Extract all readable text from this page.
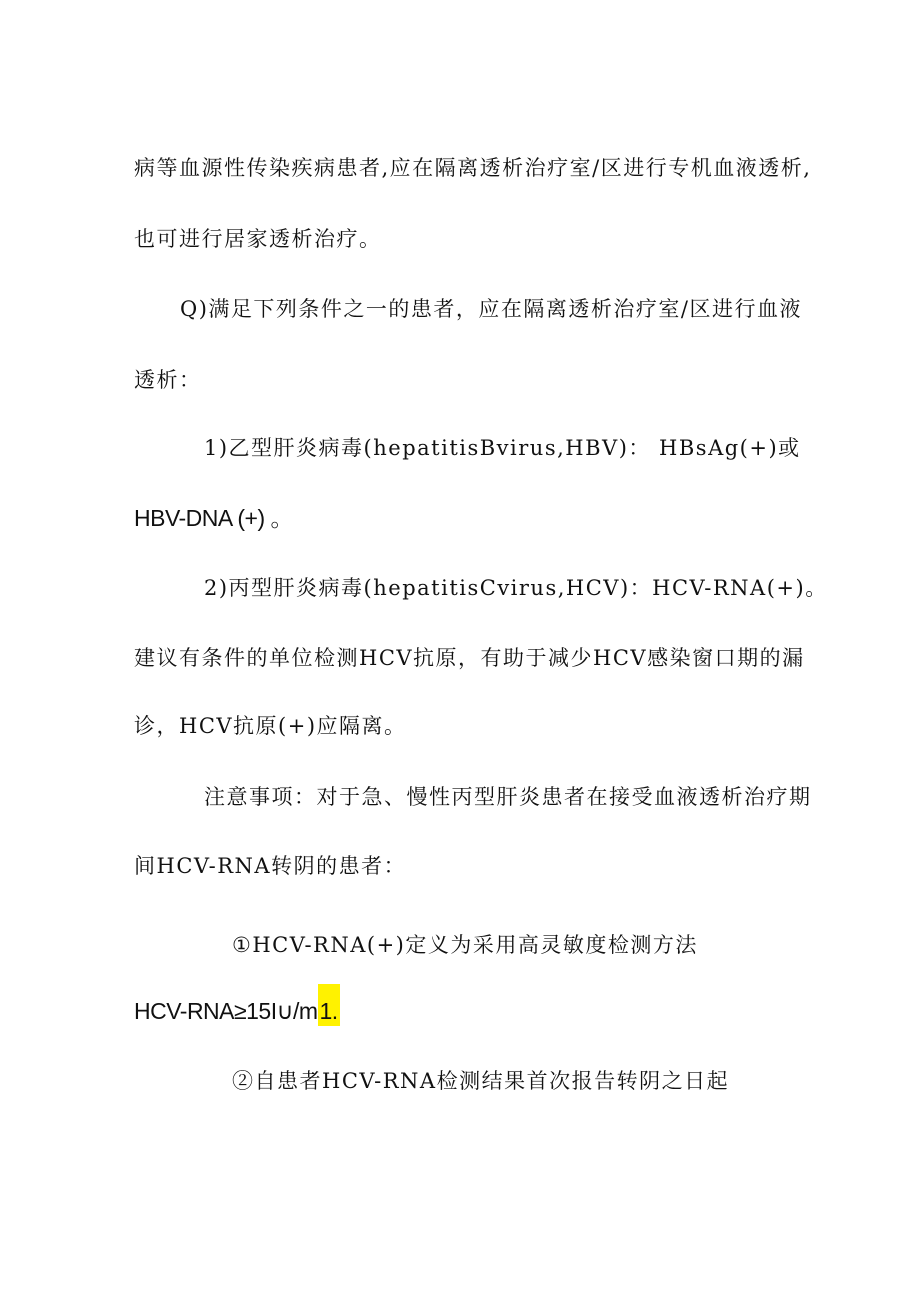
病等血源性传染疾病患者,应在隔离透析治疗室/区进行专机血液透析,
也可进行居家透析治疗。
Q)满足下列条件之一的患者，应在隔离透析治疗室/区进行血液
透析：
1)乙型肝炎病毒(hepatitisBvirus,HBV)： HBsAg(+)或
HBV-DNA (+) 。
2)丙型肝炎病毒(hepatitisCvirus,HCV)：HCV-RNA(+)。
建议有条件的单位检测HCV抗原，有助于减少HCV感染窗口期的漏
诊，HCV抗原(+)应隔离。
注意事项：对于急、慢性丙型肝炎患者在接受血液透析治疗期
间HCV-RNA转阴的患者：
①HCV-RNA(+)定义为采用高灵敏度检测方法
HCV-RNA≥15I∪/m1.
②自患者HCV-RNA检测结果首次报告转阴之日起
